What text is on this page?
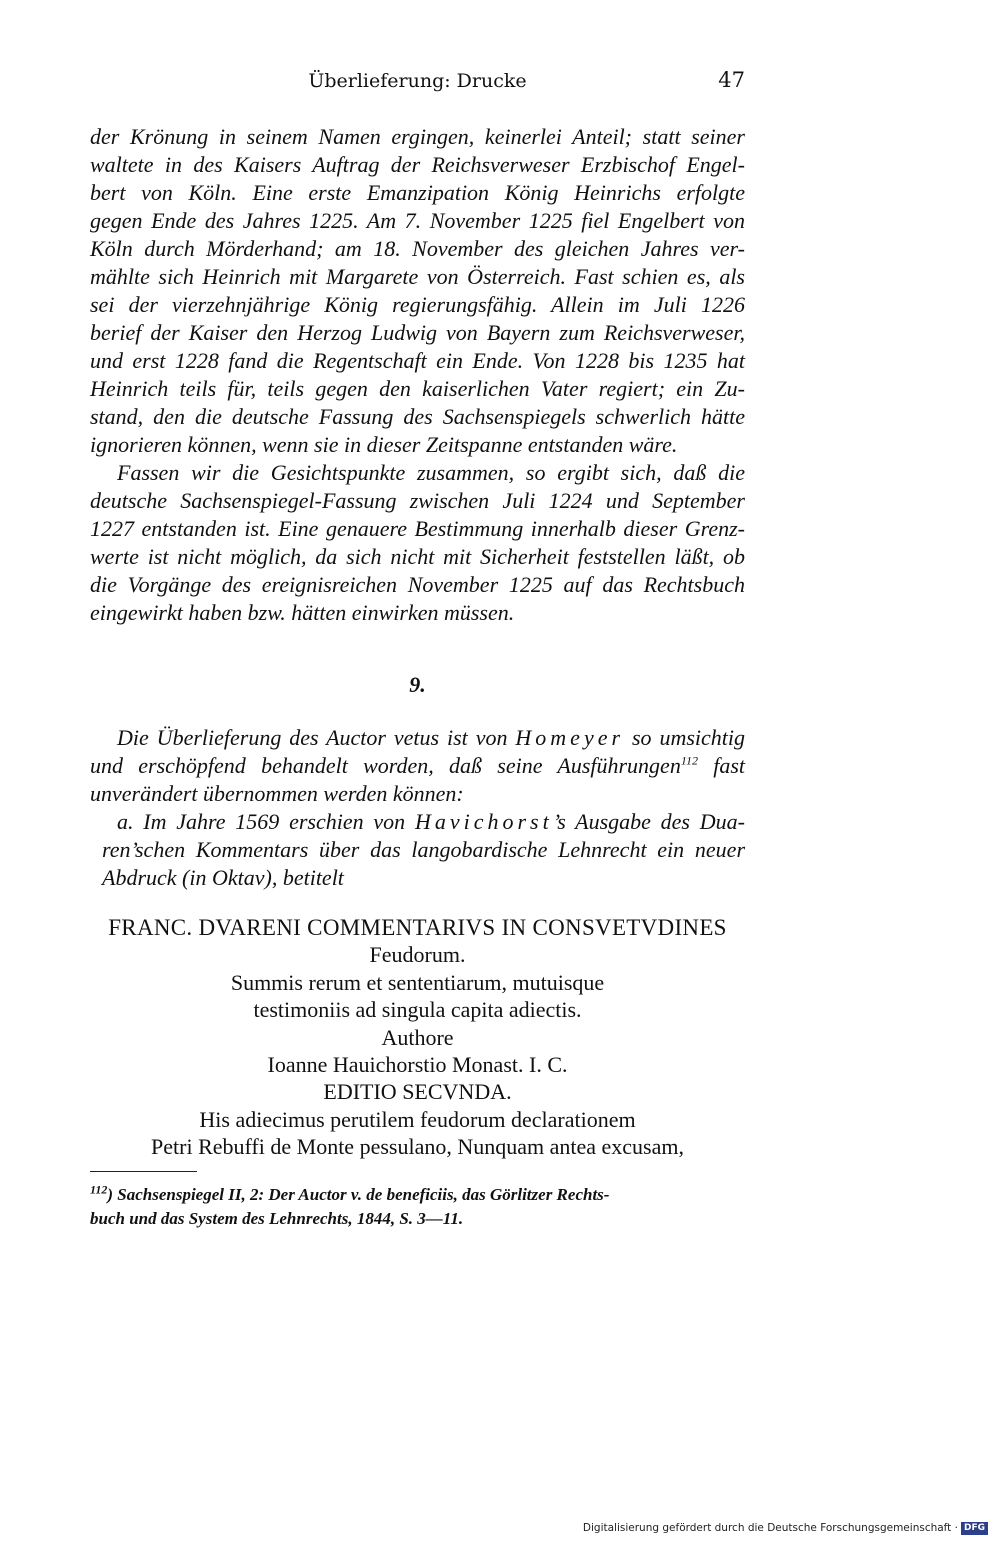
Überlieferung: Drucke	47
der Krönung in seinem Namen ergingen, keinerlei Anteil; statt seiner
waltete in des Kaisers Auftrag der Reichsverweser Erzbischof Engel-
bert von Köln. Eine erste Emanzipation König Heinrichs erfolgte
gegen Ende des Jahres 1225. Am 7. November 1225 fiel Engelbert von
Köln durch Mörderhand; am 18. November des gleichen Jahres ver-
mählte sich Heinrich mit Margarete von Österreich. Fast schien es, als
sei der vierzehnjährige König regierungsfähig. Allein im Juli 1226
berief der Kaiser den Herzog Ludwig von Bayern zum Reichsverweser,
und erst 1228 fand die Regentschaft ein Ende. Von 1228 bis 1235 hat
Heinrich teils für, teils gegen den kaiserlichen Vater regiert; ein Zu-
stand, den die deutsche Fassung des Sachsenspiegels schwerlich hätte
ignorieren können, wenn sie in dieser Zeitspanne entstanden wäre.
Fassen wir die Gesichtspunkte zusammen, so ergibt sich, daß die
deutsche Sachsenspiegel-Fassung zwischen Juli 1224 und September
1227 entstanden ist. Eine genauere Bestimmung innerhalb dieser Grenz-
werte ist nicht möglich, da sich nicht mit Sicherheit feststellen läßt, ob
die Vorgänge des ereignisreichen November 1225 auf das Rechtsbuch
eingewirkt haben bzw. hätten einwirken müssen.
9.
Die Überlieferung des Auctor vetus ist von Homeyer so umsichtig
und erschöpfend behandelt worden, daß seine Ausführungen$^{112}$ fast
unverändert übernommen werden können:
a. Im Jahre 1569 erschien von Havichorst’s Ausgabe des Dua-
ren’schen Kommentars über das langobardische Lehnrecht ein neuer
Abdruck (in Oktav), betitelt
FRANC. DVARENI COMMENTARIVS IN CONSVETVDINES
Feudorum.
Summis rerum et sententiarum, mutuisque
testimoniis ad singula capita adiectis.
Authore
Ioanne Hauichorstio Monast. I. C.
EDITIO SECVNDA.
His adiecimus perutilem feudorum declarationem
Petri Rebuffi de Monte pessulano, Nunquam antea excusam,
$^{112}$) Sachsenspiegel II, 2: Der Auctor v. de beneficiis, das Görlitzer Rechts-
buch und das System des Lehnrechts, 1844, S. 3—11.
Digitalisierung gefördert durch die Deutsche Forschungsgemeinschaft · DFG
